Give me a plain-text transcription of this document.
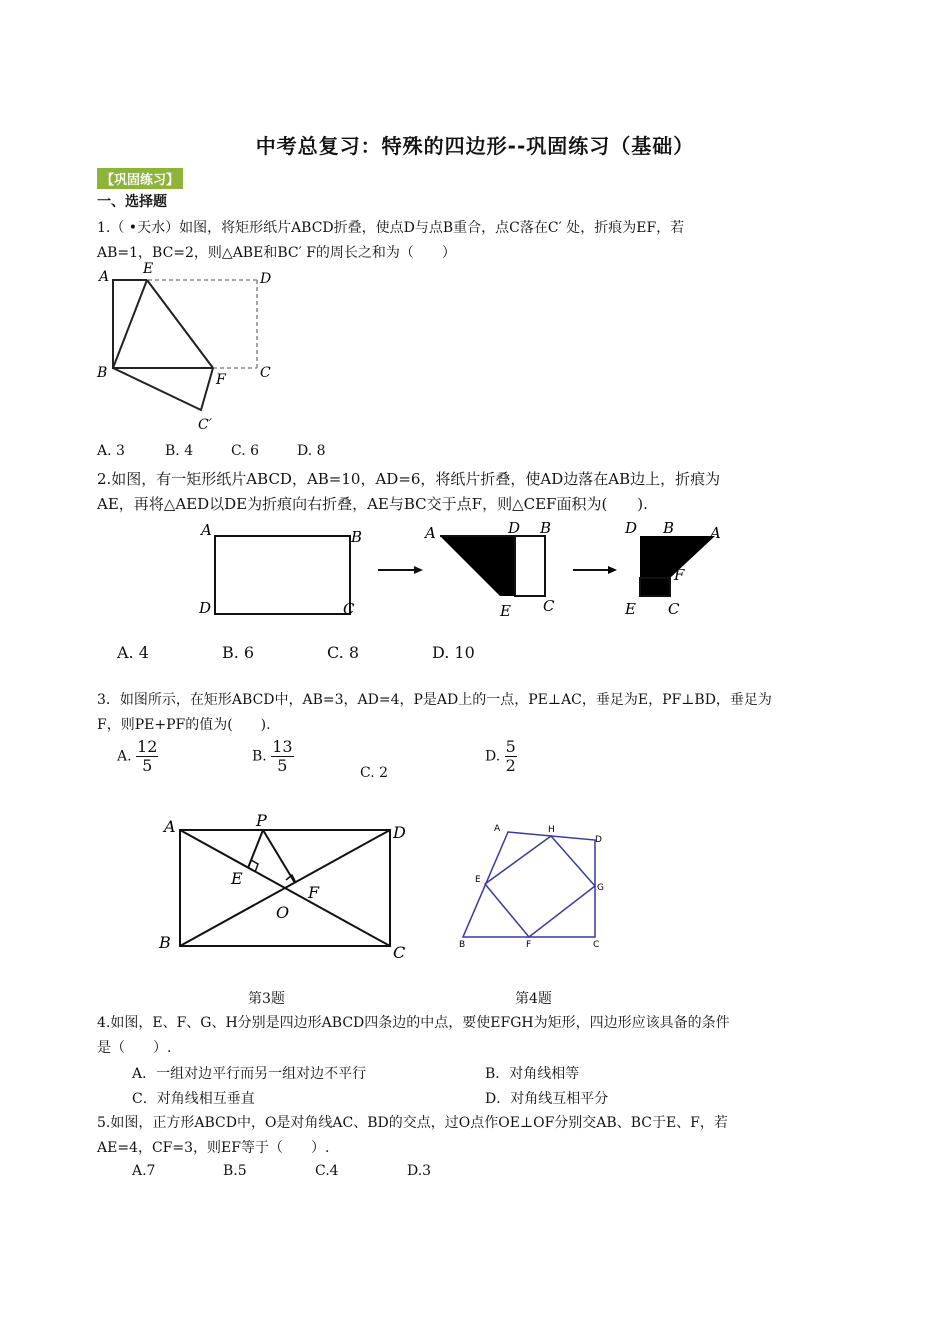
中考总复习：特殊的四边形--巩固练习（基础）
【巩固练习】
一、选择题
1.（ •天水）如图，将矩形纸片ABCD折叠，使点D与点B重合，点C落在C′ 处，折痕为EF，若
AB=1，BC=2，则△ABE和BC′ F的周长之和为（　　）
A E
D
B	F C
C′
A. 3	B. 4	C. 6	D. 8
2.如图，有一矩形纸片ABCD，AB=10，AD=6，将纸片折叠，使AD边落在AB边上，折痕为
AE，再将△AED以DE为折痕向右折叠，AE与BC交于点F，则△CEF面积为(　　).
A	B
D	C
A	D B
E C
D B A
F
E C
A. 4	B. 6	C. 8	D. 10
3．如图所示，在矩形ABCD中，AB=3，AD=4，P是AD上的一点，PE⊥AC，垂足为E，PF⊥BD，垂足为
F，则PE+PF的值为(　　).
A. $\frac{12}{5}$	B. $\frac{13}{5}$	C. 2
D. $\frac{5}{2}$
A	P
D
E
F
O
B
C
A	H
D
E
G
B	F	C
第3题	第4题
4.如图，E、F、G、H分别是四边形ABCD四条边的中点，要使EFGH为矩形，四边形应该具备的条件
是（　　）.
A．一组对边平行而另一组对边不平行	B．对角线相等
C．对角线相互垂直	D．对角线互相平分
5.如图，正方形ABCD中，O是对角线AC、BD的交点，过O点作OE⊥OF分别交AB、BC于E、F，若
AE=4，CF=3，则EF等于（　　）.
A.7	B.5	C.4	D.3
